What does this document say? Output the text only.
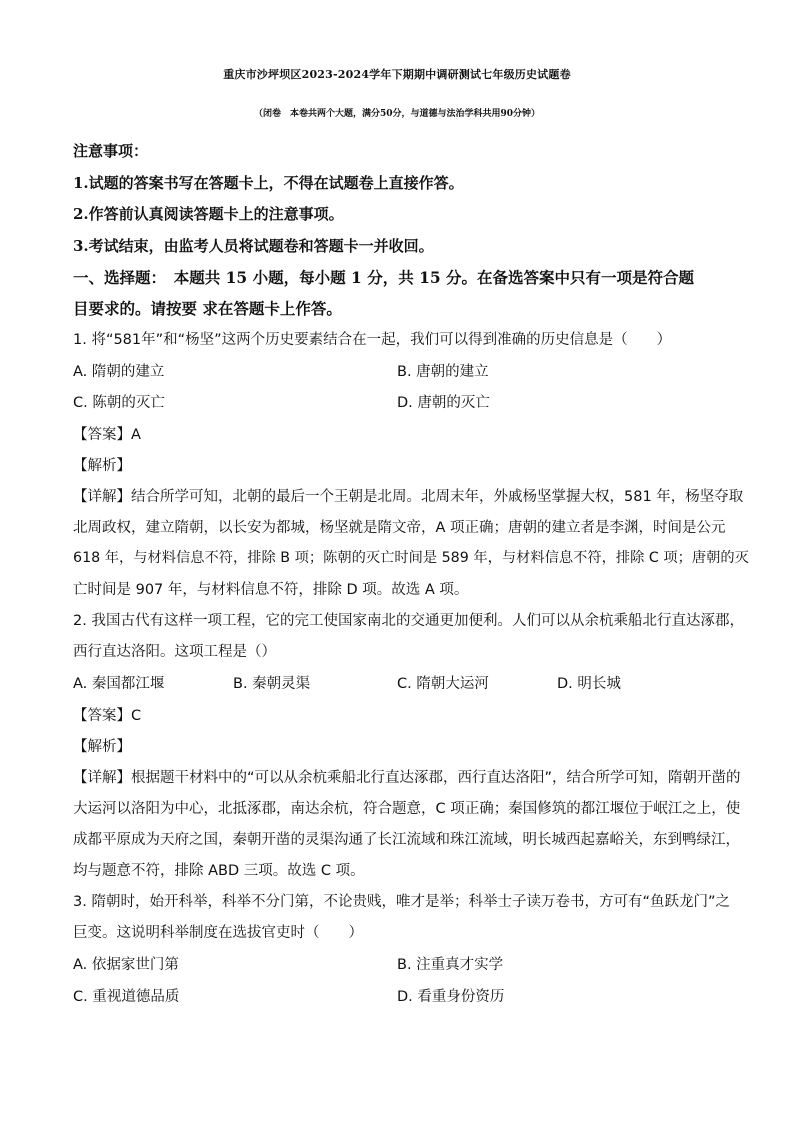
重庆市沙坪坝区2023-2024学年下期期中调研测试七年级历史试题卷
（闭卷　本卷共两个大题，满分50分，与道德与法治学科共用90分钟）
注意事项：
1.试题的答案书写在答题卡上，不得在试题卷上直接作答。
2.作答前认真阅读答题卡上的注意事项。
3.考试结束，由监考人员将试题卷和答题卡一并收回。
一、选择题：　本题共 15 小题，每小题 1 分，共 15 分。在备选答案中只有一项是符合题
目要求的。请按要 求在答题卡上作答。
1. 将“581年”和“杨坚”这两个历史要素结合在一起，我们可以得到准确的历史信息是（　　）
A. 隋朝的建立	B. 唐朝的建立
C. 陈朝的灭亡	D. 唐朝的灭亡
【答案】A
【解析】
【详解】结合所学可知，北朝的最后一个王朝是北周。北周末年，外戚杨坚掌握大权，581 年，杨坚夺取
北周政权，建立隋朝，以长安为都城，杨坚就是隋文帝，A 项正确；唐朝的建立者是李渊，时间是公元
618 年，与材料信息不符，排除 B 项；陈朝的灭亡时间是 589 年，与材料信息不符，排除 C 项；唐朝的灭
亡时间是 907 年，与材料信息不符，排除 D 项。故选 A 项。
2. 我国古代有这样一项工程，它的完工使国家南北的交通更加便利。人们可以从余杭乘船北行直达涿郡，
西行直达洛阳。这项工程是（）
A. 秦国都江堰	B. 秦朝灵渠	C. 隋朝大运河	D. 明长城
【答案】C
【解析】
【详解】根据题干材料中的“可以从余杭乘船北行直达涿郡，西行直达洛阳”，结合所学可知，隋朝开凿的
大运河以洛阳为中心，北抵涿郡，南达余杭，符合题意，C 项正确；秦国修筑的都江堰位于岷江之上，使
成都平原成为天府之国，秦朝开凿的灵渠沟通了长江流域和珠江流域，明长城西起嘉峪关，东到鸭绿江，
均与题意不符，排除 ABD 三项。故选 C 项。
3. 隋朝时，始开科举，科举不分门第，不论贵贱，唯才是举；科举士子读万卷书，方可有“鱼跃龙门”之
巨变。这说明科举制度在选拔官吏时（　　）
A. 依据家世门第	B. 注重真才实学
C. 重视道德品质	D. 看重身份资历
